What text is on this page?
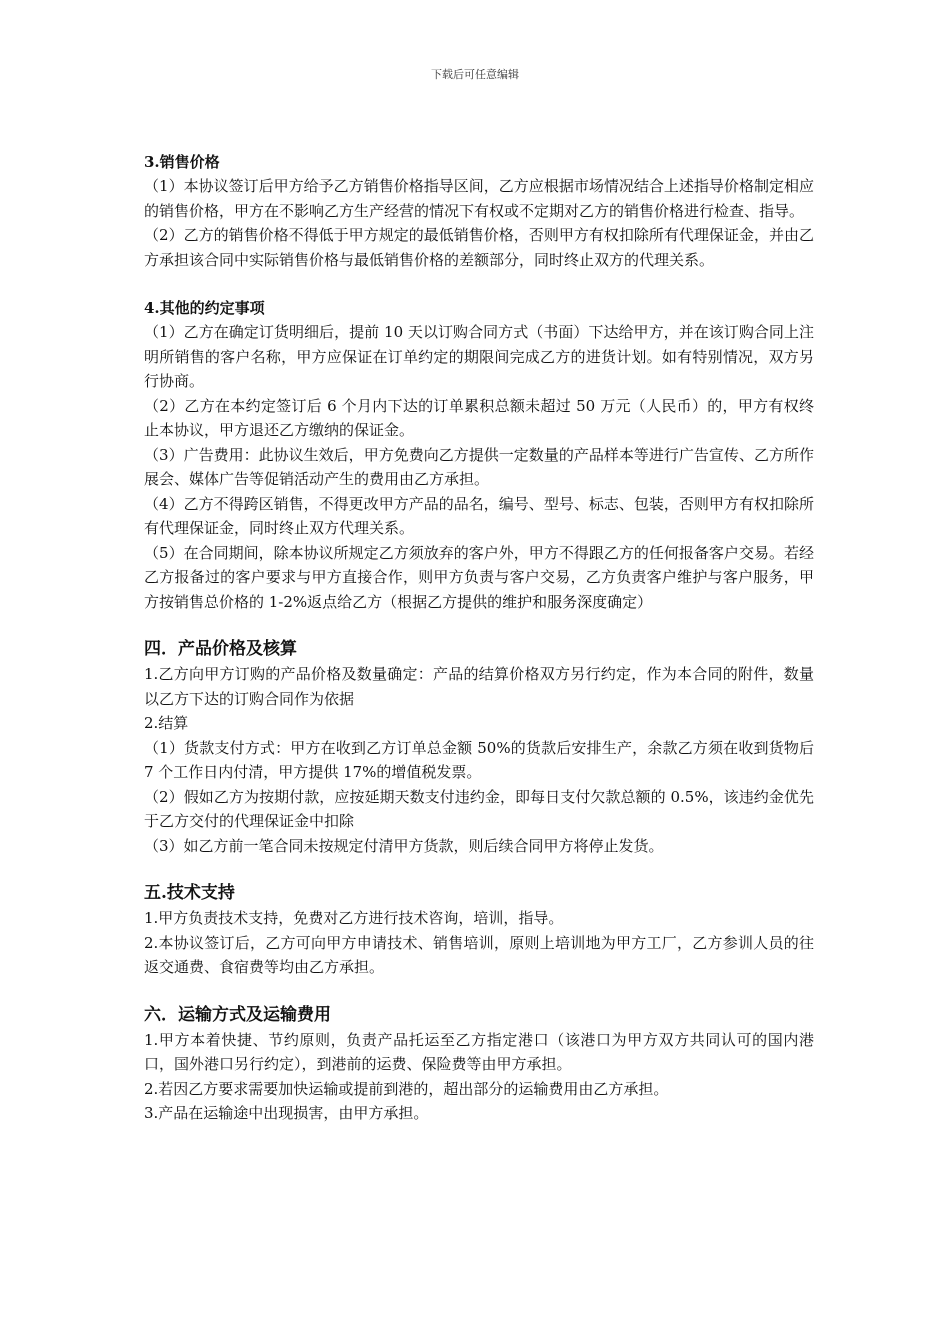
下载后可任意编辑

3.销售价格

（1）本协议签订后甲方给予乙方销售价格指导区间，乙方应根据市场情况结合上述指导价格制定相应的销售价格，甲方在不影响乙方生产经营的情况下有权或不定期对乙方的销售价格进行检查、指导。

（2）乙方的销售价格不得低于甲方规定的最低销售价格，否则甲方有权扣除所有代理保证金，并由乙方承担该合同中实际销售价格与最低销售价格的差额部分，同时终止双方的代理关系。

4.其他的约定事项

（1）乙方在确定订货明细后，提前 10 天以订购合同方式（书面）下达给甲方，并在该订购合同上注明所销售的客户名称，甲方应保证在订单约定的期限间完成乙方的进货计划。如有特别情况，双方另行协商。

（2）乙方在本约定签订后 6 个月内下达的订单累积总额未超过 50 万元（人民币）的，甲方有权终止本协议，甲方退还乙方缴纳的保证金。

（3）广告费用：此协议生效后，甲方免费向乙方提供一定数量的产品样本等进行广告宣传、乙方所作展会、媒体广告等促销活动产生的费用由乙方承担。

（4）乙方不得跨区销售，不得更改甲方产品的品名，编号、型号、标志、包装，否则甲方有权扣除所有代理保证金，同时终止双方代理关系。

（5）在合同期间，除本协议所规定乙方须放弃的客户外，甲方不得跟乙方的任何报备客户交易。若经乙方报备过的客户要求与甲方直接合作，则甲方负责与客户交易，乙方负责客户维护与客户服务，甲方按销售总价格的 1-2%返点给乙方（根据乙方提供的维护和服务深度确定）

四．产品价格及核算

1.乙方向甲方订购的产品价格及数量确定：产品的结算价格双方另行约定，作为本合同的附件，数量以乙方下达的订购合同作为依据

2.结算

（1）货款支付方式：甲方在收到乙方订单总金额 50%的货款后安排生产，余款乙方须在收到货物后 7 个工作日内付清，甲方提供 17%的增值税发票。

（2）假如乙方为按期付款，应按延期天数支付违约金，即每日支付欠款总额的 0.5%，该违约金优先于乙方交付的代理保证金中扣除

（3）如乙方前一笔合同未按规定付清甲方货款，则后续合同甲方将停止发货。

五.技术支持

1.甲方负责技术支持，免费对乙方进行技术咨询，培训，指导。

2.本协议签订后，乙方可向甲方申请技术、销售培训，原则上培训地为甲方工厂，乙方参训人员的往返交通费、食宿费等均由乙方承担。

六．运输方式及运输费用

1.甲方本着快捷、节约原则，负责产品托运至乙方指定港口（该港口为甲方双方共同认可的国内港口，国外港口另行约定），到港前的运费、保险费等由甲方承担。

2.若因乙方要求需要加快运输或提前到港的，超出部分的运输费用由乙方承担。

3.产品在运输途中出现损害，由甲方承担。
